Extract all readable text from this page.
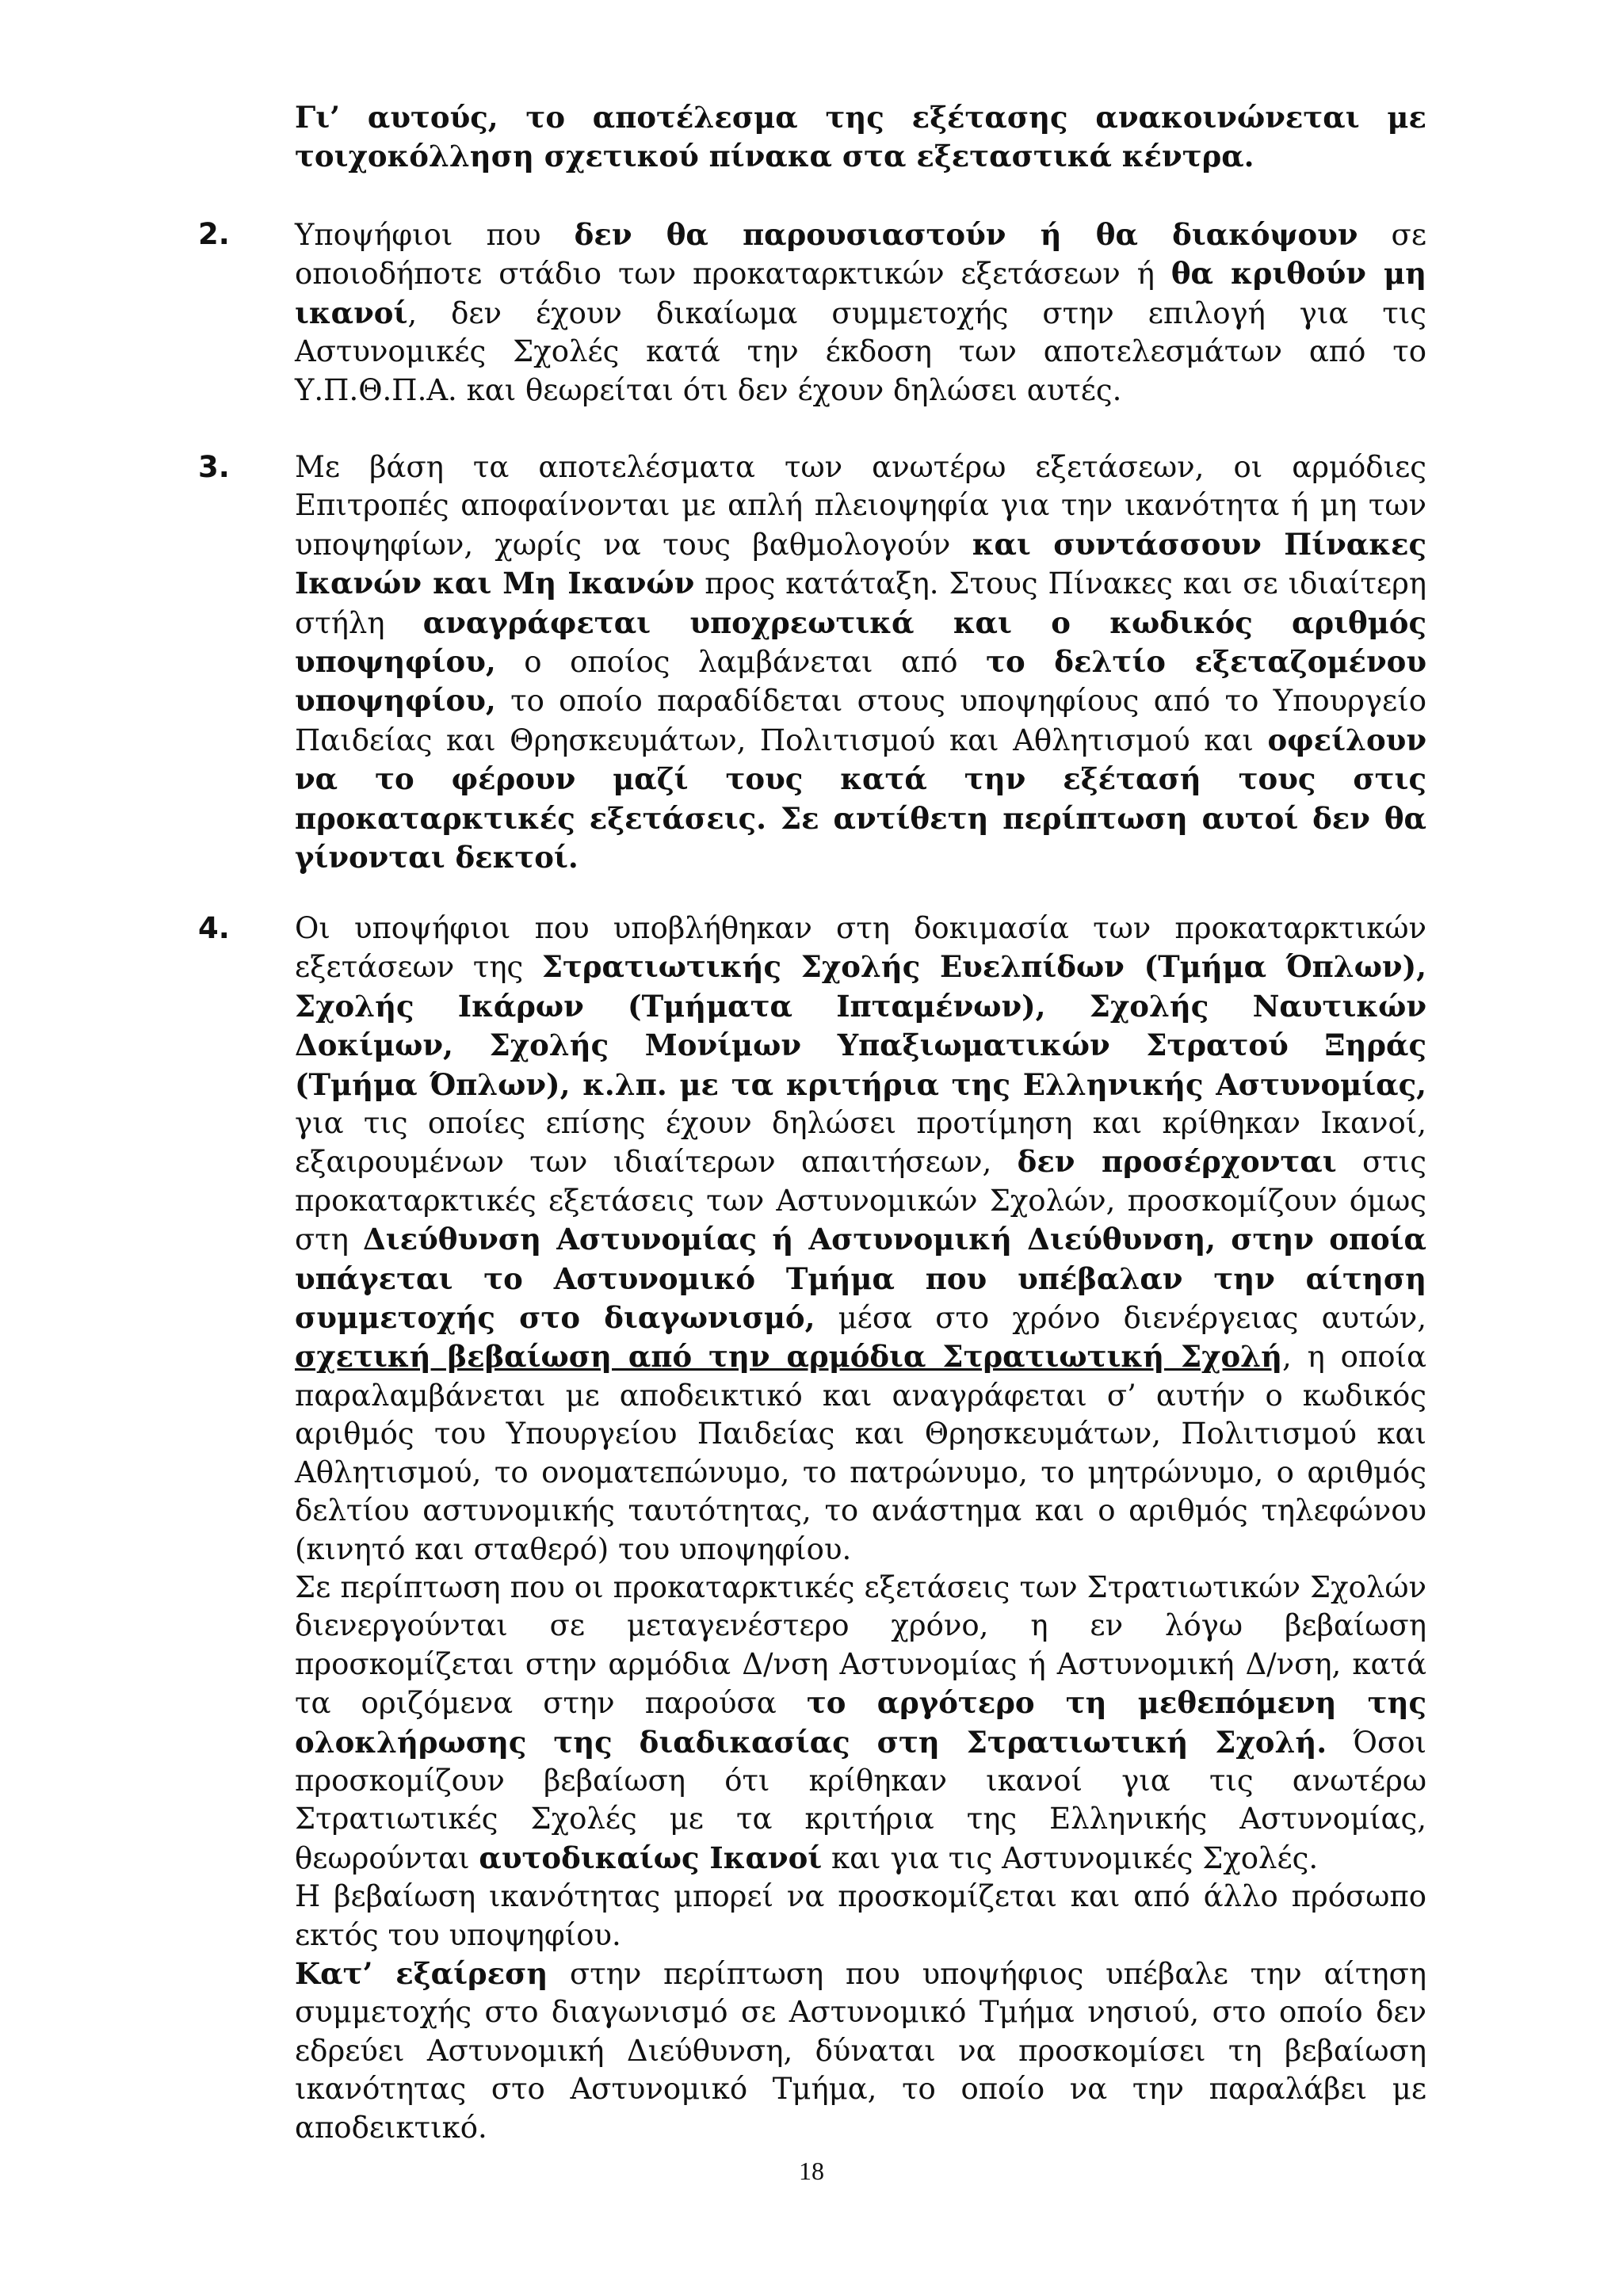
Γι’ αυτούς, το αποτέλεσμα της εξέτασης ανακοινώνεται με τοιχοκόλληση σχετικού πίνακα στα εξεταστικά κέντρα.
2. Υποψήφιοι που δεν θα παρουσιαστούν ή θα διακόψουν σε οποιοδήποτε στάδιο των προκαταρκτικών εξετάσεων ή θα κριθούν μη ικανοί, δεν έχουν δικαίωμα συμμετοχής στην επιλογή για τις Αστυνομικές Σχολές κατά την έκδοση των αποτελεσμάτων από το Υ.Π.Θ.Π.Α. και θεωρείται ότι δεν έχουν δηλώσει αυτές.
3. Με βάση τα αποτελέσματα των ανωτέρω εξετάσεων, οι αρμόδιες Επιτροπές αποφαίνονται με απλή πλειοψηφία για την ικανότητα ή μη των υποψηφίων, χωρίς να τους βαθμολογούν και συντάσσουν Πίνακες Ικανών και Μη Ικανών προς κατάταξη. Στους Πίνακες και σε ιδιαίτερη στήλη αναγράφεται υποχρεωτικά και ο κωδικός αριθμός υποψηφίου, ο οποίος λαμβάνεται από το δελτίο εξεταζομένου υποψηφίου, το οποίο παραδίδεται στους υποψηφίους από το Υπουργείο Παιδείας και Θρησκευμάτων, Πολιτισμού και Αθλητισμού και οφείλουν να το φέρουν μαζί τους κατά την εξέτασή τους στις προκαταρκτικές εξετάσεις. Σε αντίθετη περίπτωση αυτοί δεν θα γίνονται δεκτοί.
4. Οι υποψήφιοι που υποβλήθηκαν στη δοκιμασία των προκαταρκτικών εξετάσεων της Στρατιωτικής Σχολής Ευελπίδων (Τμήμα Όπλων), Σχολής Ικάρων (Τμήματα Ιπταμένων), Σχολής Ναυτικών Δοκίμων, Σχολής Μονίμων Υπαξιωματικών Στρατού Ξηράς (Τμήμα Όπλων), κ.λπ. με τα κριτήρια της Ελληνικής Αστυνομίας, για τις οποίες επίσης έχουν δηλώσει προτίμηση και κρίθηκαν Ικανοί, εξαιρουμένων των ιδιαίτερων απαιτήσεων, δεν προσέρχονται στις προκαταρκτικές εξετάσεις των Αστυνομικών Σχολών, προσκομίζουν όμως στη Διεύθυνση Αστυνομίας ή Αστυνομική Διεύθυνση, στην οποία υπάγεται το Αστυνομικό Τμήμα που υπέβαλαν την αίτηση συμμετοχής στο διαγωνισμό, μέσα στο χρόνο διενέργειας αυτών, σχετική βεβαίωση από την αρμόδια Στρατιωτική Σχολή, η οποία παραλαμβάνεται με αποδεικτικό και αναγράφεται σ’ αυτήν ο κωδικός αριθμός του Υπουργείου Παιδείας και Θρησκευμάτων, Πολιτισμού και Αθλητισμού, το ονοματεπώνυμο, το πατρώνυμο, το μητρώνυμο, ο αριθμός δελτίου αστυνομικής ταυτότητας, το ανάστημα και ο αριθμός τηλεφώνου (κινητό και σταθερό) του υποψηφίου.
Σε περίπτωση που οι προκαταρκτικές εξετάσεις των Στρατιωτικών Σχολών διενεργούνται σε μεταγενέστερο χρόνο, η εν λόγω βεβαίωση προσκομίζεται στην αρμόδια Δ/νση Αστυνομίας ή Αστυνομική Δ/νση, κατά τα οριζόμενα στην παρούσα το αργότερο τη μεθεπόμενη της ολοκλήρωσης της διαδικασίας στη Στρατιωτική Σχολή. Όσοι προσκομίζουν βεβαίωση ότι κρίθηκαν ικανοί για τις ανωτέρω Στρατιωτικές Σχολές με τα κριτήρια της Ελληνικής Αστυνομίας, θεωρούνται αυτοδικαίως Ικανοί και για τις Αστυνομικές Σχολές.
Η βεβαίωση ικανότητας μπορεί να προσκομίζεται και από άλλο πρόσωπο εκτός του υποψηφίου.
Κατ’ εξαίρεση στην περίπτωση που υποψήφιος υπέβαλε την αίτηση συμμετοχής στο διαγωνισμό σε Αστυνομικό Τμήμα νησιού, στο οποίο δεν εδρεύει Αστυνομική Διεύθυνση, δύναται να προσκομίσει τη βεβαίωση ικανότητας στο Αστυνομικό Τμήμα, το οποίο να την παραλάβει με αποδεικτικό.
18
